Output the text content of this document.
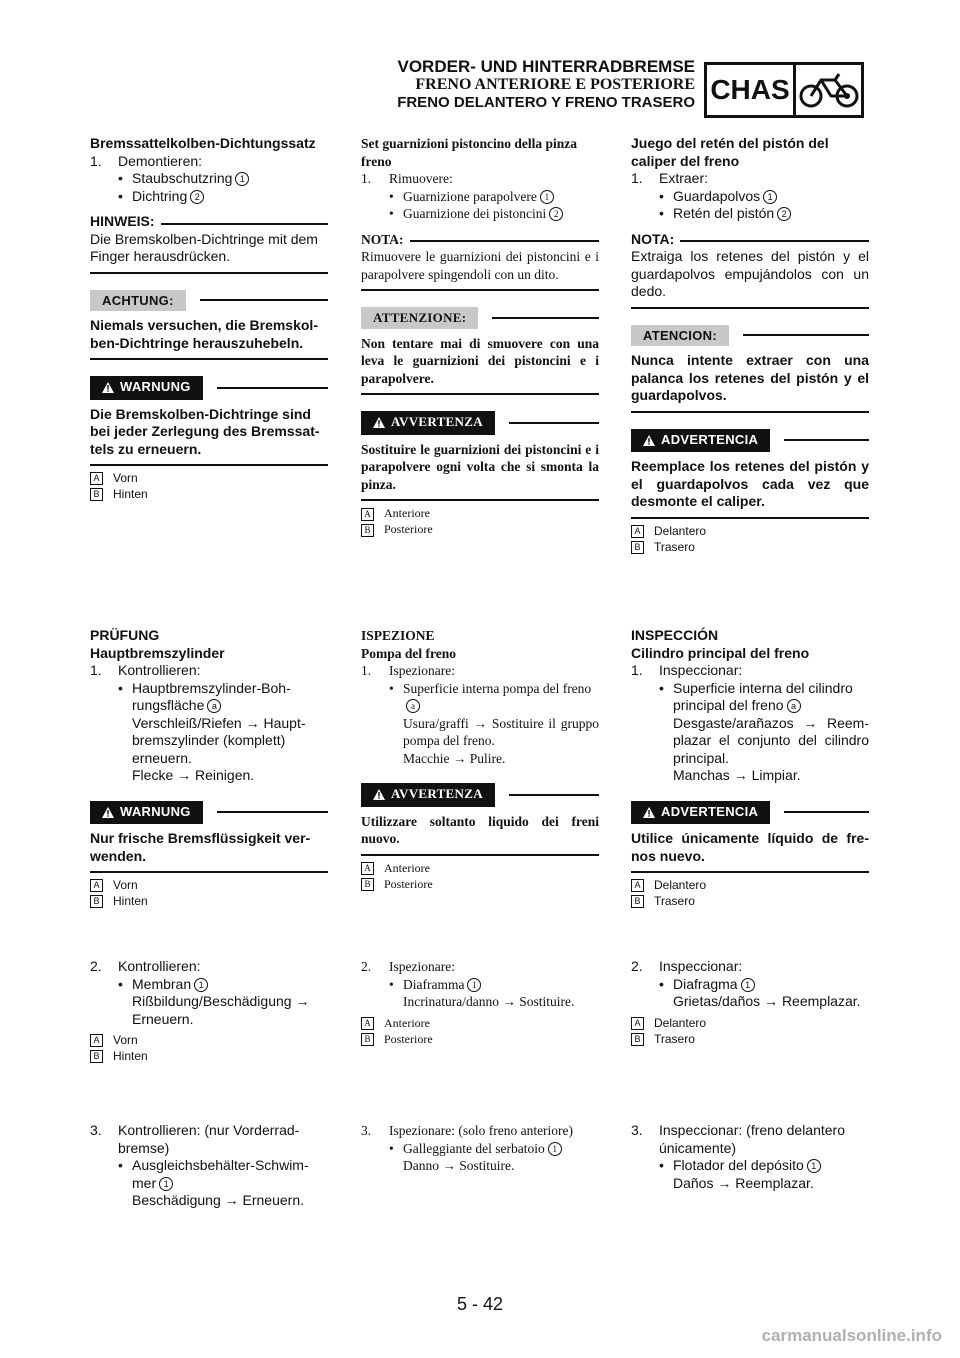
VORDER- UND HINTERRADBREMSE
FRENO ANTERIORE E POSTERIORE
FRENO DELANTERO Y FRENO TRASERO CHAS
Bremssattelkolben-Dichtungssatz
1.	Demontieren:
• Staubschutzring 1
• Dichtring 2
HINWEIS:
Die Bremskolben-Dichtringe mit dem Finger herausdrücken.
ACHTUNG:
Niemals versuchen, die Bremskol-ben-Dichtringe herauszuhebeln.
WARNUNG
Die Bremskolben-Dichtringe sind bei jeder Zerlegung des Bremssat-tels zu erneuern.
A Vorn
B Hinten
PRÜFUNG
Hauptbremszylinder
1.	Kontrollieren:
• Hauptbremszylinder-Boh-rungsfläche a
Verschleiß/Riefen → Haupt-bremszylinder (komplett) erneuern.
Flecke → Reinigen.
WARNUNG
Nur frische Bremsflüssigkeit ver-wenden.
A Vorn
B Hinten
2.	Kontrollieren:
• Membran 1
Rißbildung/Beschädigung → Erneuern.
A Vorn
B Hinten
3.	Kontrollieren: (nur Vorderrad-bremse)
• Ausgleichsbehälter-Schwim-mer 1
Beschädigung → Erneuern.
Set guarnizioni pistoncino della pinza freno
1.	Rimuovere:
• Guarnizione parapolvere 1
• Guarnizione dei pistoncini 2
NOTA:
Rimuovere le guarnizioni dei pistoncini e i parapolvere spingendoli con un dito.
ATTENZIONE:
Non tentare mai di smuovere con una leva le guarnizioni dei pistoncini e i parapolvere.
AVVERTENZA
Sostituire le guarnizioni dei pistoncini e i parapolvere ogni volta che si smonta la pinza.
A Anteriore
B Posteriore
ISPEZIONE
Pompa del freno
1.	Ispezionare:
• Superficie interna pompa del frenoa
Usura/graffi → Sostituire il gruppo pompa del freno.
Macchie → Pulire.
AVVERTENZA
Utilizzare soltanto liquido dei freni nuovo.
A Anteriore
B Posteriore
2.	Ispezionare:
• Diaframma 1
Incrinatura/danno → Sostituire.
A Anteriore
B Posteriore
3.	Ispezionare: (solo freno anteriore)
• Galleggiante del serbatoio 1
Danno → Sostituire.
Juego del retén del pistón del caliper del freno
1.	Extraer:
• Guardapolvos 1
• Retén del pistón 2
NOTA:
Extraiga los retenes del pistón y el guardapolvos empujándolos con un dedo.
ATENCION:
Nunca intente extraer con una palanca los retenes del pistón y el guardapolvos.
ADVERTENCIA
Reemplace los retenes del pistón y el guardapolvos cada vez que desmonte el caliper.
A Delantero
B Trasero
INSPECCIÓN
Cilindro principal del freno
1.	Inspeccionar:
• Superficie interna del cilindro principal del freno a
Desgaste/arañazos → Reem-plazar el conjunto del cilindro principal.
Manchas → Limpiar.
ADVERTENCIA
Utilice únicamente líquido de fre-nos nuevo.
A Delantero
B Trasero
2.	Inspeccionar:
• Diafragma 1
Grietas/daños → Reemplazar.
A Delantero
B Trasero
3.	Inspeccionar: (freno delantero únicamente)
• Flotador del depósito 1
Daños → Reemplazar.
5 - 42
carmanualsonline.info
